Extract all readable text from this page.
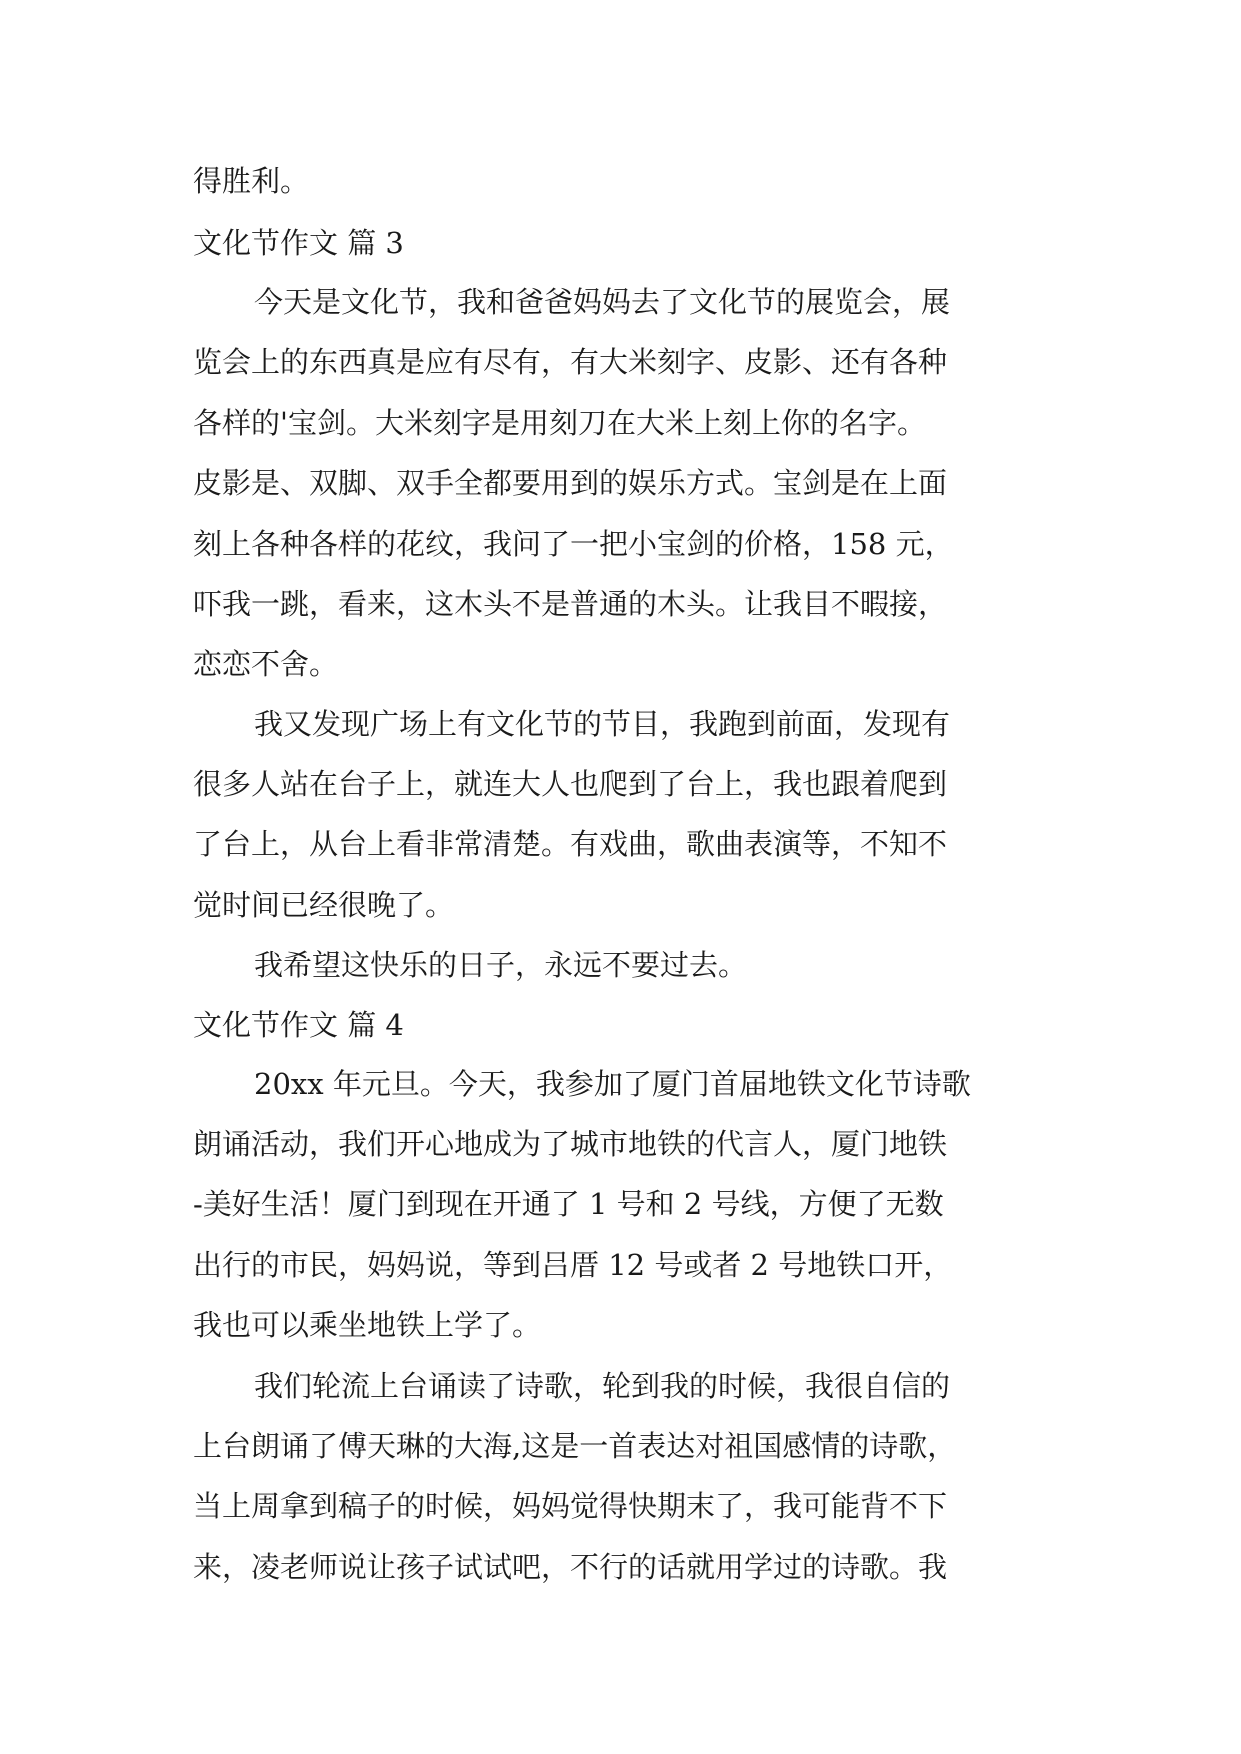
得胜利。
文化节作文 篇 3
今天是文化节，我和爸爸妈妈去了文化节的展览会，展
览会上的东西真是应有尽有，有大米刻字、皮影、还有各种
各样的'宝剑。大米刻字是用刻刀在大米上刻上你的名字。
皮影是、双脚、双手全都要用到的娱乐方式。宝剑是在上面
刻上各种各样的花纹，我问了一把小宝剑的价格，158 元，
吓我一跳，看来，这木头不是普通的木头。让我目不暇接，
恋恋不舍。
我又发现广场上有文化节的节目，我跑到前面，发现有
很多人站在台子上，就连大人也爬到了台上，我也跟着爬到
了台上，从台上看非常清楚。有戏曲，歌曲表演等，不知不
觉时间已经很晚了。
我希望这快乐的日子，永远不要过去。
文化节作文 篇 4
20xx 年元旦。今天，我参加了厦门首届地铁文化节诗歌
朗诵活动，我们开心地成为了城市地铁的代言人，厦门地铁
-美好生活！厦门到现在开通了 1 号和 2 号线，方便了无数
出行的市民，妈妈说，等到吕厝 12 号或者 2 号地铁口开，
我也可以乘坐地铁上学了。
我们轮流上台诵读了诗歌，轮到我的时候，我很自信的
上台朗诵了傅天琳的大海,这是一首表达对祖国感情的诗歌，
当上周拿到稿子的时候，妈妈觉得快期末了，我可能背不下
来，凌老师说让孩子试试吧，不行的话就用学过的诗歌。我
